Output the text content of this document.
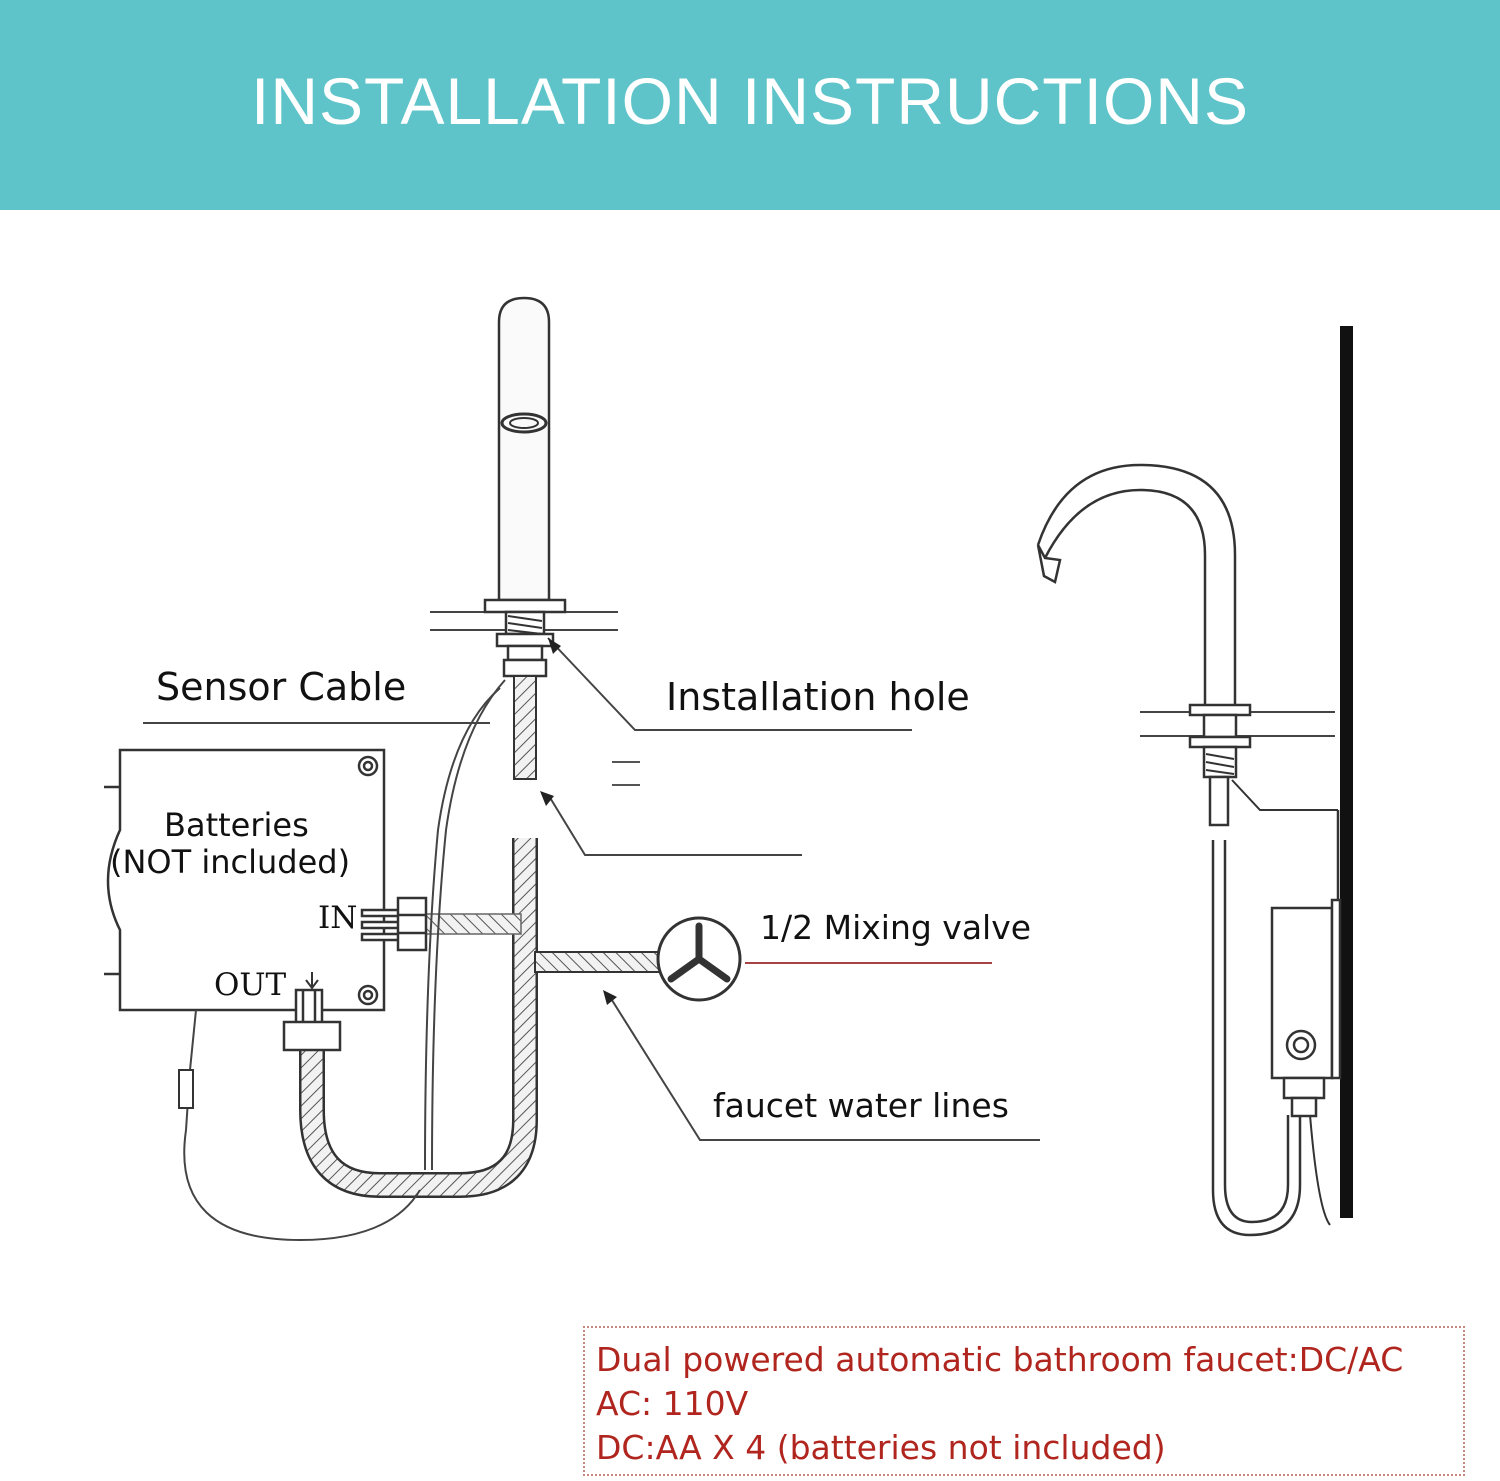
INSTALLATION INSTRUCTIONS
Sensor Cable	Installation hole
Batteries
(NOT included)
IN
OUT
1/2 Mixing valve
faucet water lines
Dual powered automatic bathroom faucet:DC/AC
AC: 110V
DC:AA X 4 (batteries not included)
